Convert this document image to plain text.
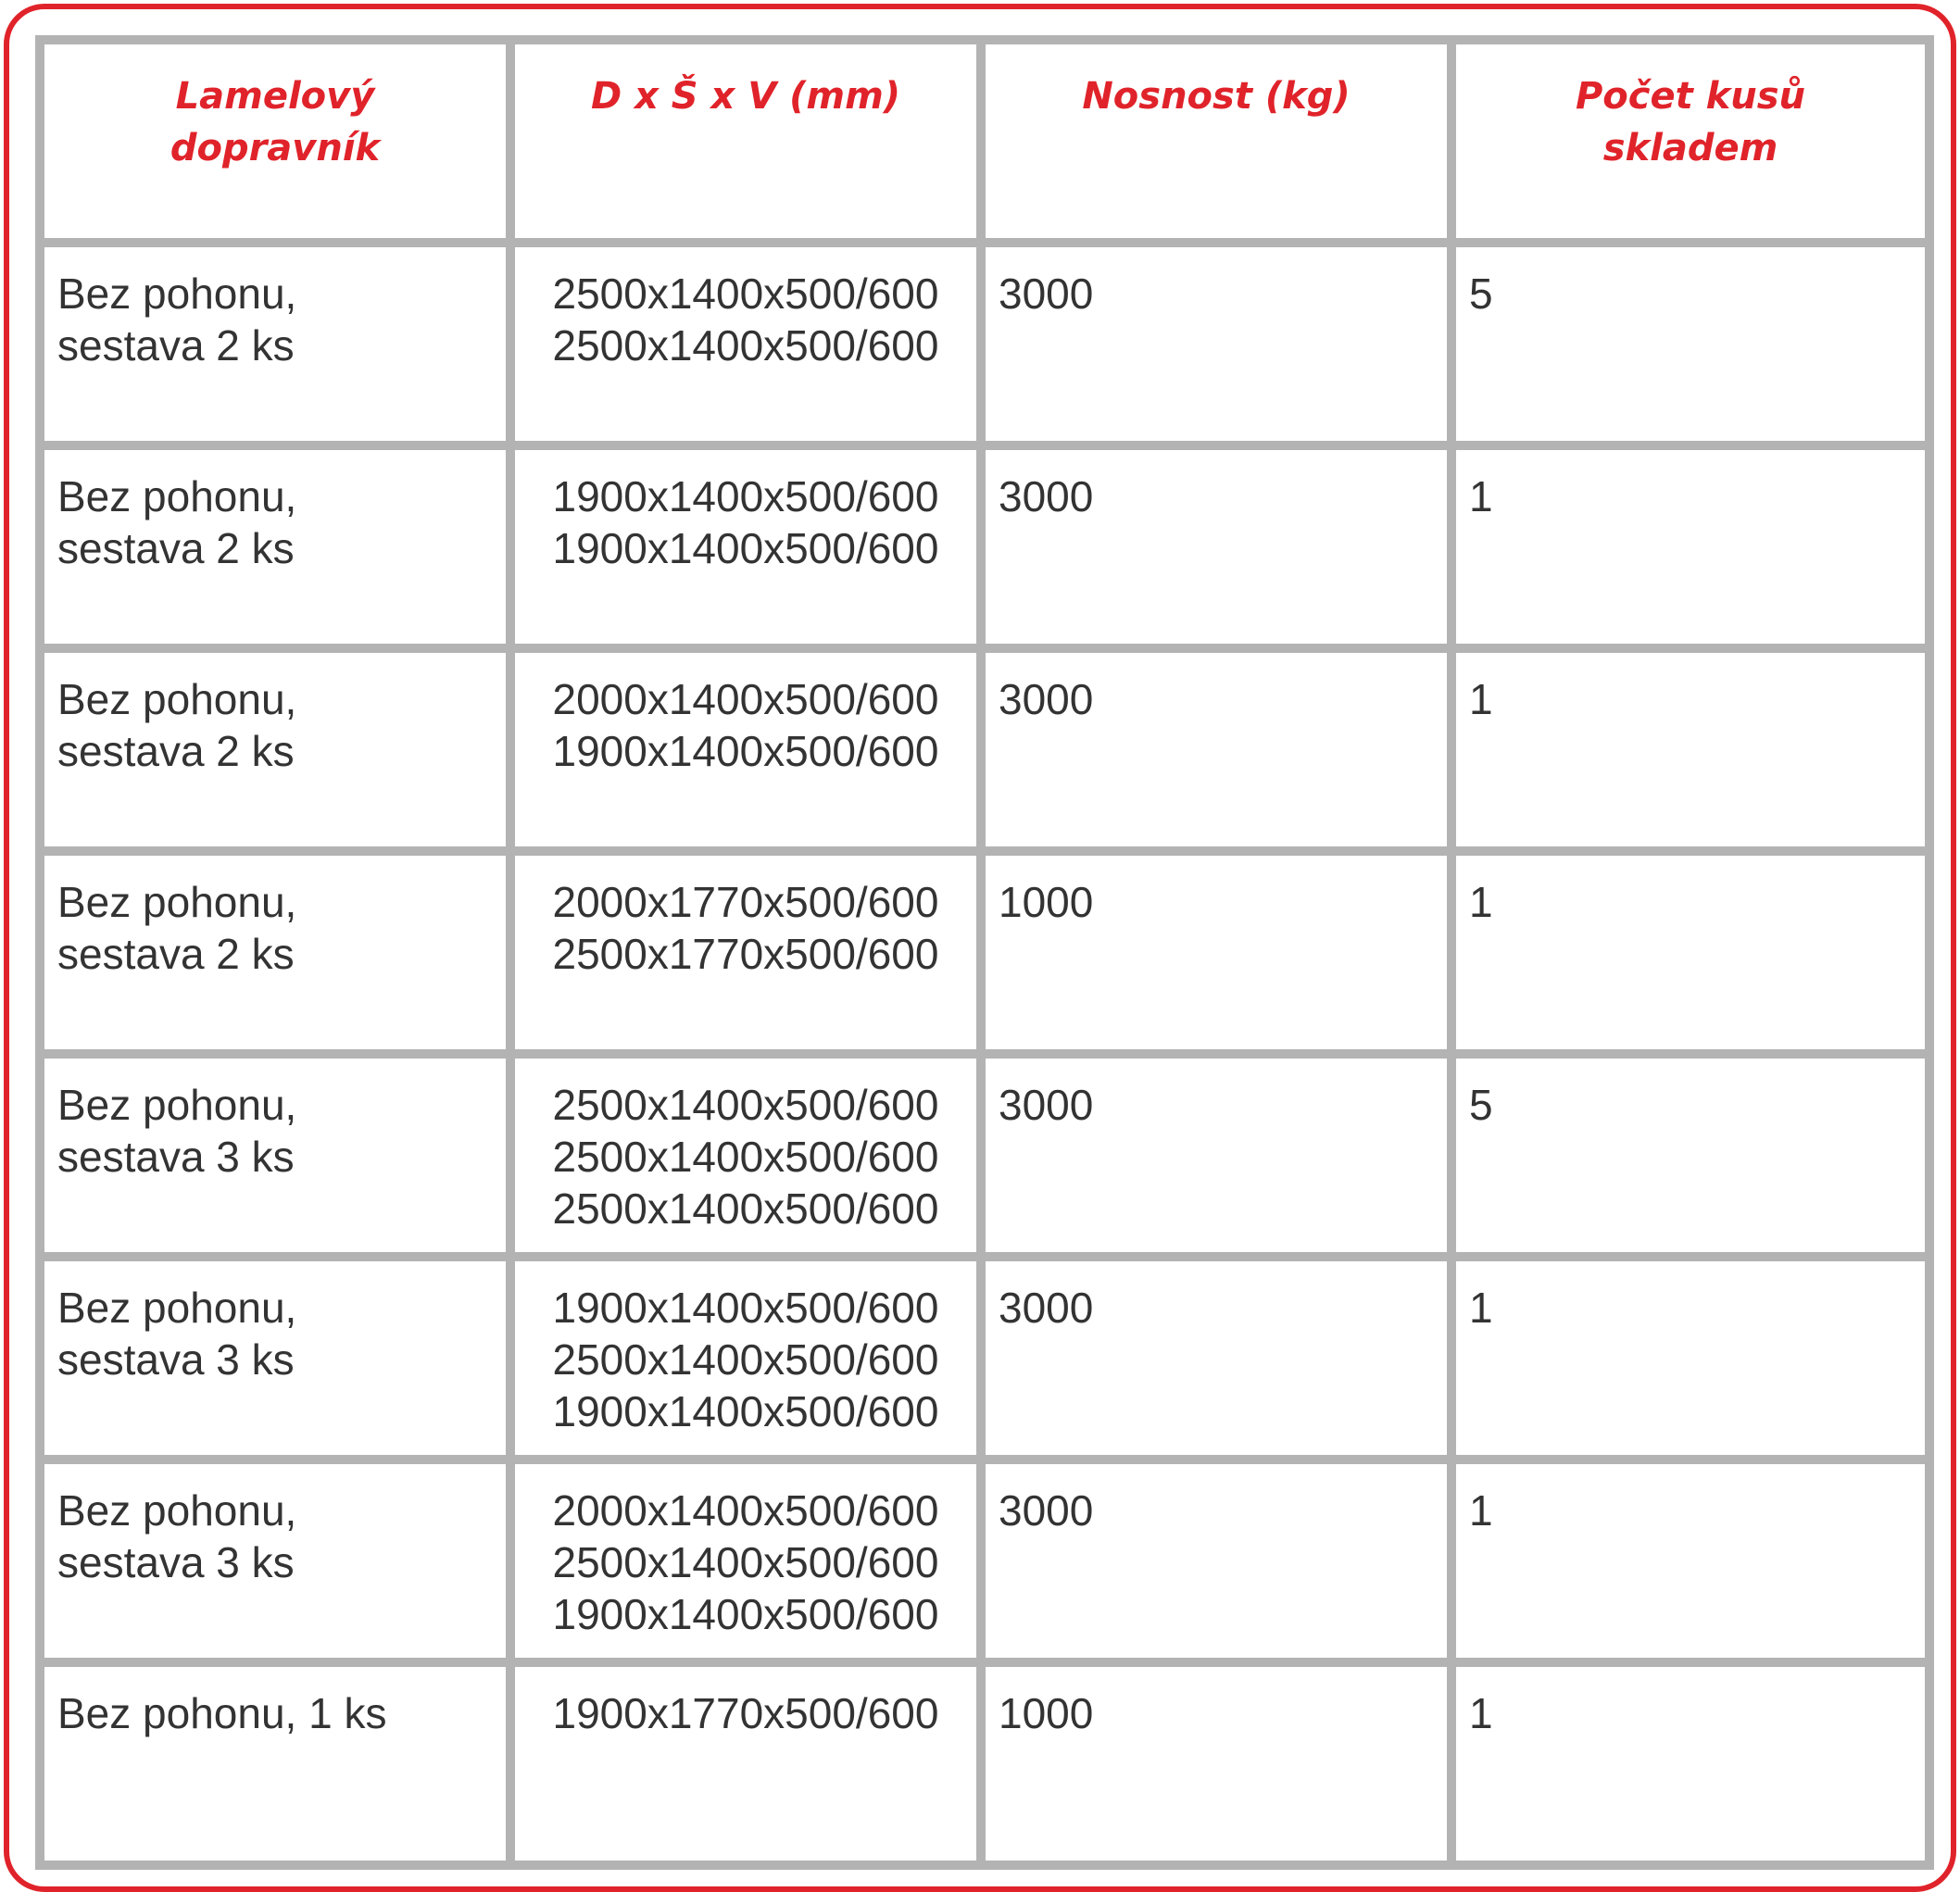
Lamelový
dopravník	D x Š x V (mm)	Nosnost (kg)	Počet kusů
skladem

Bez pohonu,
sestava 2 ks	2500x1400x500/600
2500x1400x500/600	3000	5

Bez pohonu,
sestava 2 ks	1900x1400x500/600
1900x1400x500/600	3000	1

Bez pohonu,
sestava 2 ks	2000x1400x500/600
1900x1400x500/600	3000	1

Bez pohonu,
sestava 2 ks	2000x1770x500/600
2500x1770x500/600	1000	1

Bez pohonu,
sestava 3 ks	2500x1400x500/600
2500x1400x500/600
2500x1400x500/600	3000	5

Bez pohonu,
sestava 3 ks	1900x1400x500/600
2500x1400x500/600
1900x1400x500/600	3000	1

Bez pohonu,
sestava 3 ks	2000x1400x500/600
2500x1400x500/600
1900x1400x500/600	3000	1

Bez pohonu, 1 ks	1900x1770x500/600	1000	1
